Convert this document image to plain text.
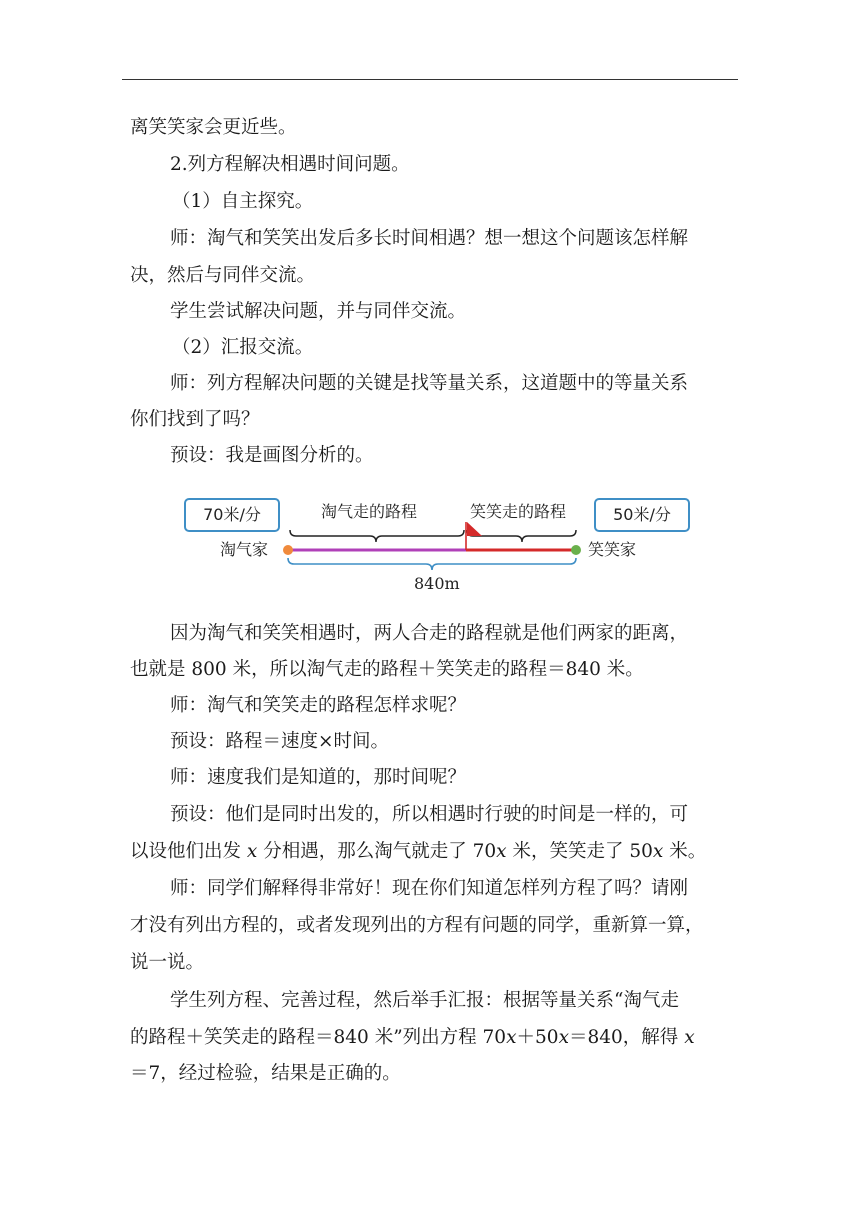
离笑笑家会更近些。

2.列方程解决相遇时间问题。

（1）自主探究。

师：淘气和笑笑出发后多长时间相遇？想一想这个问题该怎样解

决，然后与同伴交流。

学生尝试解决问题，并与同伴交流。

（2）汇报交流。

师：列方程解决问题的关键是找等量关系，这道题中的等量关系

你们找到了吗？

预设：我是画图分析的。

70米/分	50米/分
淘气走的路程	笑笑走的路程
淘气家	笑笑家
840m

因为淘气和笑笑相遇时，两人合走的路程就是他们两家的距离，

也就是 800 米，所以淘气走的路程＋笑笑走的路程＝840 米。

师：淘气和笑笑走的路程怎样求呢？

预设：路程＝速度×时间。

师：速度我们是知道的，那时间呢？

预设：他们是同时出发的，所以相遇时行驶的时间是一样的，可

以设他们出发 x 分相遇，那么淘气就走了 70x 米，笑笑走了 50x 米。

师：同学们解释得非常好！现在你们知道怎样列方程了吗？请刚

才没有列出方程的，或者发现列出的方程有问题的同学，重新算一算，

说一说。

学生列方程、完善过程，然后举手汇报：根据等量关系“淘气走

的路程＋笑笑走的路程＝840 米”列出方程 70x＋50x＝840，解得 x

＝7，经过检验，结果是正确的。
